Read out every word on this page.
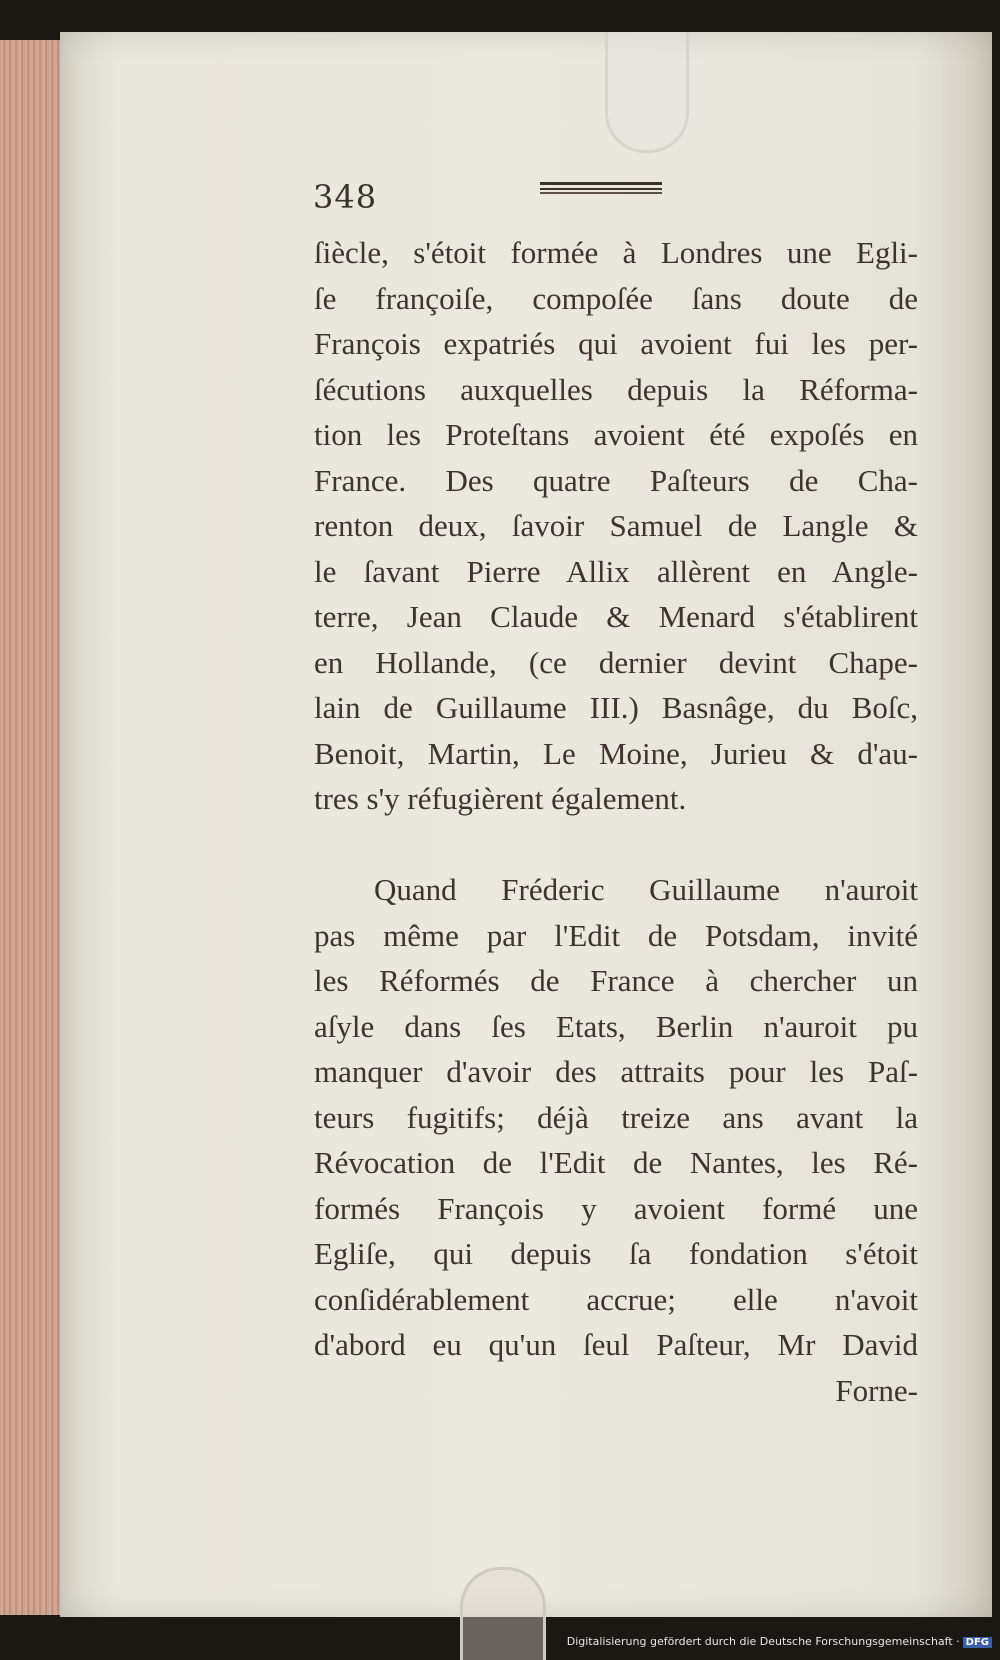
348
ſiècle, s'étoit formée à Londres une Egli-
ſe françoiſe, compoſée ſans doute de
François expatriés qui avoient fui les per-
ſécutions auxquelles depuis la Réforma-
tion les Proteſtans avoient été expoſés en
France. Des quatre Paſteurs de Cha-
renton deux, ſavoir Samuel de Langle &
le ſavant Pierre Allix allèrent en Angle-
terre, Jean Claude & Menard s'établirent
en Hollande, (ce dernier devint Chape-
lain de Guillaume III.) Basnâge, du Boſc,
Benoit, Martin, Le Moine, Jurieu & d'au-
tres s'y réfugièrent également.
Quand Fréderic Guillaume n'auroit
pas même par l'Edit de Potsdam, invité
les Réformés de France à chercher un
aſyle dans ſes Etats, Berlin n'auroit pu
manquer d'avoir des attraits pour les Paſ-
teurs fugitifs; déjà treize ans avant la
Révocation de l'Edit de Nantes, les Ré-
formés François y avoient formé une
Egliſe, qui depuis ſa fondation s'étoit
conſidérablement accrue; elle n'avoit
d'abord eu qu'un ſeul Paſteur, Mr David
Forne-
Digitalisierung gefördert durch die Deutsche Forschungsgemeinschaft · DFG
